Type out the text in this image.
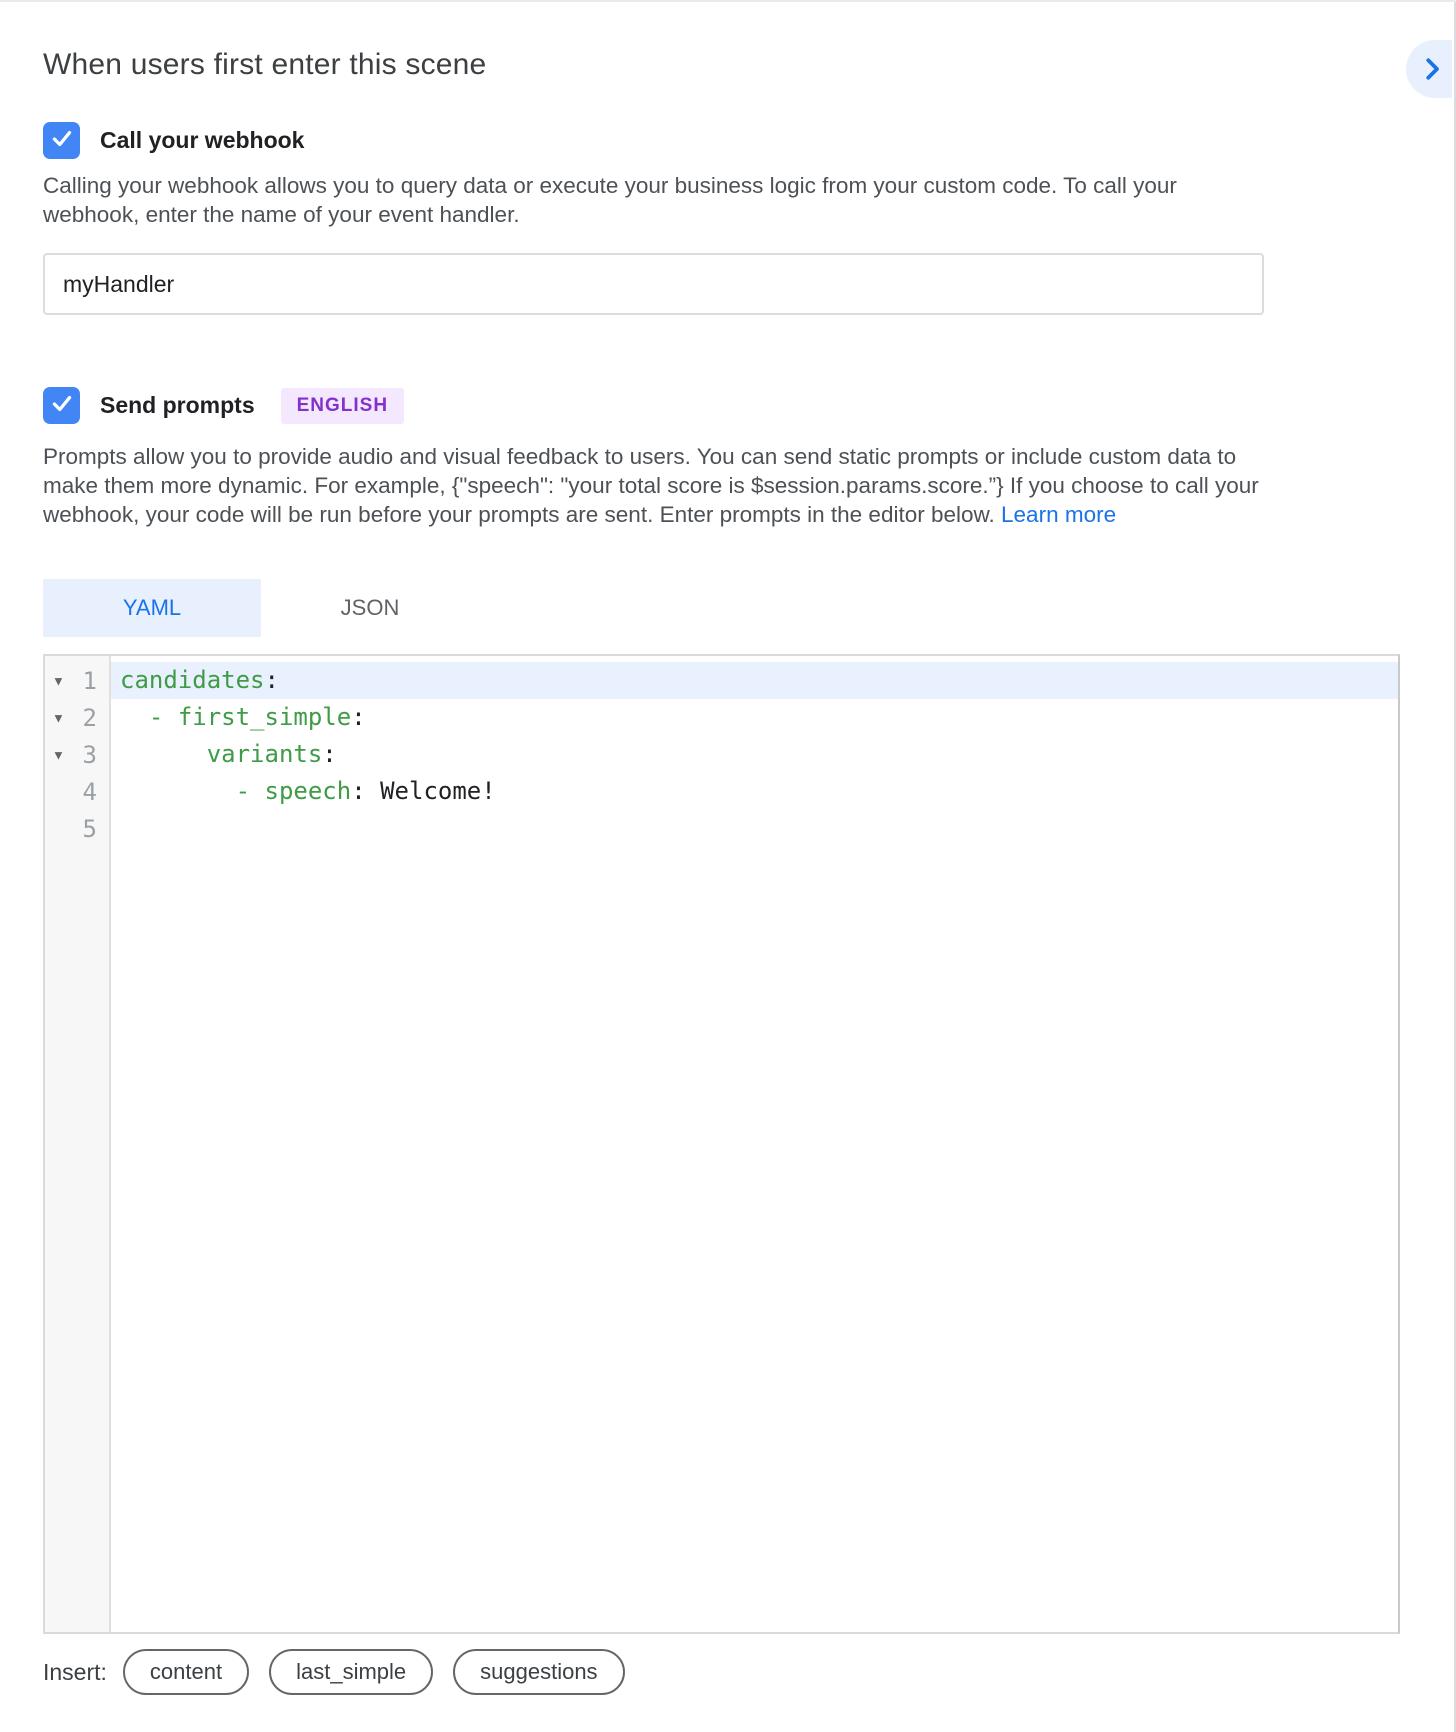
When users first enter this scene
Call your webhook

Calling your webhook allows you to query data or execute your business logic from your custom code. To call your webhook, enter the name of your event handler.

myHandler
Send prompts	ENGLISH

Prompts allow you to provide audio and visual feedback to users. You can send static prompts or include custom data to make them more dynamic. For example, {"speech": "your total score is $session.params.score.”} If you choose to call your webhook, your code will be run before your prompts are sent. Enter prompts in the editor below. Learn more

YAML	JSON
▼ 1
▼ 2
▼ 3
4
5
candidates:
- first_simple:
variants:
- speech: Welcome!
Insert:	content	last_simple	suggestions
